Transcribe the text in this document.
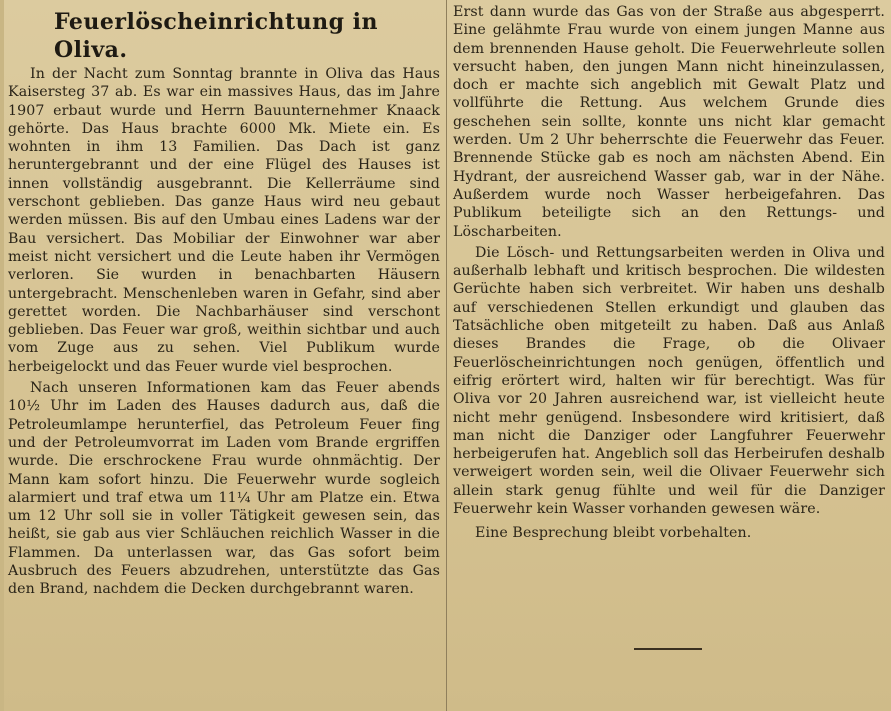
Feuerlöscheinrichtung in Oliva.

In der Nacht zum Sonntag brannte in Oliva das Haus Kaisersteg 37 ab. Es war ein massives Haus, das im Jahre 1907 erbaut wurde und Herrn Bauunternehmer Knaack gehörte. Das Haus brachte 6000 Mk. Miete ein. Es wohnten in ihm 13 Familien. Das Dach ist ganz heruntergebrannt und der eine Flügel des Hauses ist innen vollständig ausgebrannt. Die Kellerräume sind verschont geblieben. Das ganze Haus wird neu gebaut werden müssen. Bis auf den Umbau eines Ladens war der Bau versichert. Das Mobiliar der Einwohner war aber meist nicht versichert und die Leute haben ihr Vermögen verloren. Sie wurden in benachbarten Häusern untergebracht. Menschenleben waren in Gefahr, sind aber gerettet worden. Die Nachbarhäuser sind verschont geblieben. Das Feuer war groß, weithin sichtbar und auch vom Zuge aus zu sehen. Viel Publikum wurde herbeigelockt und das Feuer wurde viel besprochen.

Nach unseren Informationen kam das Feuer abends 10½ Uhr im Laden des Hauses dadurch aus, daß die Petroleumlampe herunterfiel, das Petroleum Feuer fing und der Petroleumvorrat im Laden vom Brande ergriffen wurde. Die erschrockene Frau wurde ohnmächtig. Der Mann kam sofort hinzu. Die Feuerwehr wurde sogleich alarmiert und traf etwa um 11¼ Uhr am Platze ein. Etwa um 12 Uhr soll sie in voller Tätigkeit gewesen sein, das heißt, sie gab aus vier Schläuchen reichlich Wasser in die Flammen. Da unterlassen war, das Gas sofort beim Ausbruch des Feuers abzudrehen, unterstützte das Gas den Brand, nachdem die Decken durchgebrannt waren.

Erst dann wurde das Gas von der Straße aus abgesperrt. Eine gelähmte Frau wurde von einem jungen Manne aus dem brennenden Hause geholt. Die Feuerwehrleute sollen versucht haben, den jungen Mann nicht hineinzulassen, doch er machte sich angeblich mit Gewalt Platz und vollführte die Rettung. Aus welchem Grunde dies geschehen sein sollte, konnte uns nicht klar gemacht werden. Um 2 Uhr beherrschte die Feuerwehr das Feuer. Brennende Stücke gab es noch am nächsten Abend. Ein Hydrant, der ausreichend Wasser gab, war in der Nähe. Außerdem wurde noch Wasser herbeigefahren. Das Publikum beteiligte sich an den Rettungs- und Löscharbeiten.

Die Lösch- und Rettungsarbeiten werden in Oliva und außerhalb lebhaft und kritisch besprochen. Die wildesten Gerüchte haben sich verbreitet. Wir haben uns deshalb auf verschiedenen Stellen erkundigt und glauben das Tatsächliche oben mitgeteilt zu haben. Daß aus Anlaß dieses Brandes die Frage, ob die Olivaer Feuerlöscheinrichtungen noch genügen, öffentlich und eifrig erörtert wird, halten wir für berechtigt. Was für Oliva vor 20 Jahren ausreichend war, ist vielleicht heute nicht mehr genügend. Insbesondere wird kritisiert, daß man nicht die Danziger oder Langfuhrer Feuerwehr herbeigerufen hat. Angeblich soll das Herbeirufen deshalb verweigert worden sein, weil die Olivaer Feuerwehr sich allein stark genug fühlte und weil für die Danziger Feuerwehr kein Wasser vorhanden gewesen wäre.

Eine Besprechung bleibt vorbehalten.
